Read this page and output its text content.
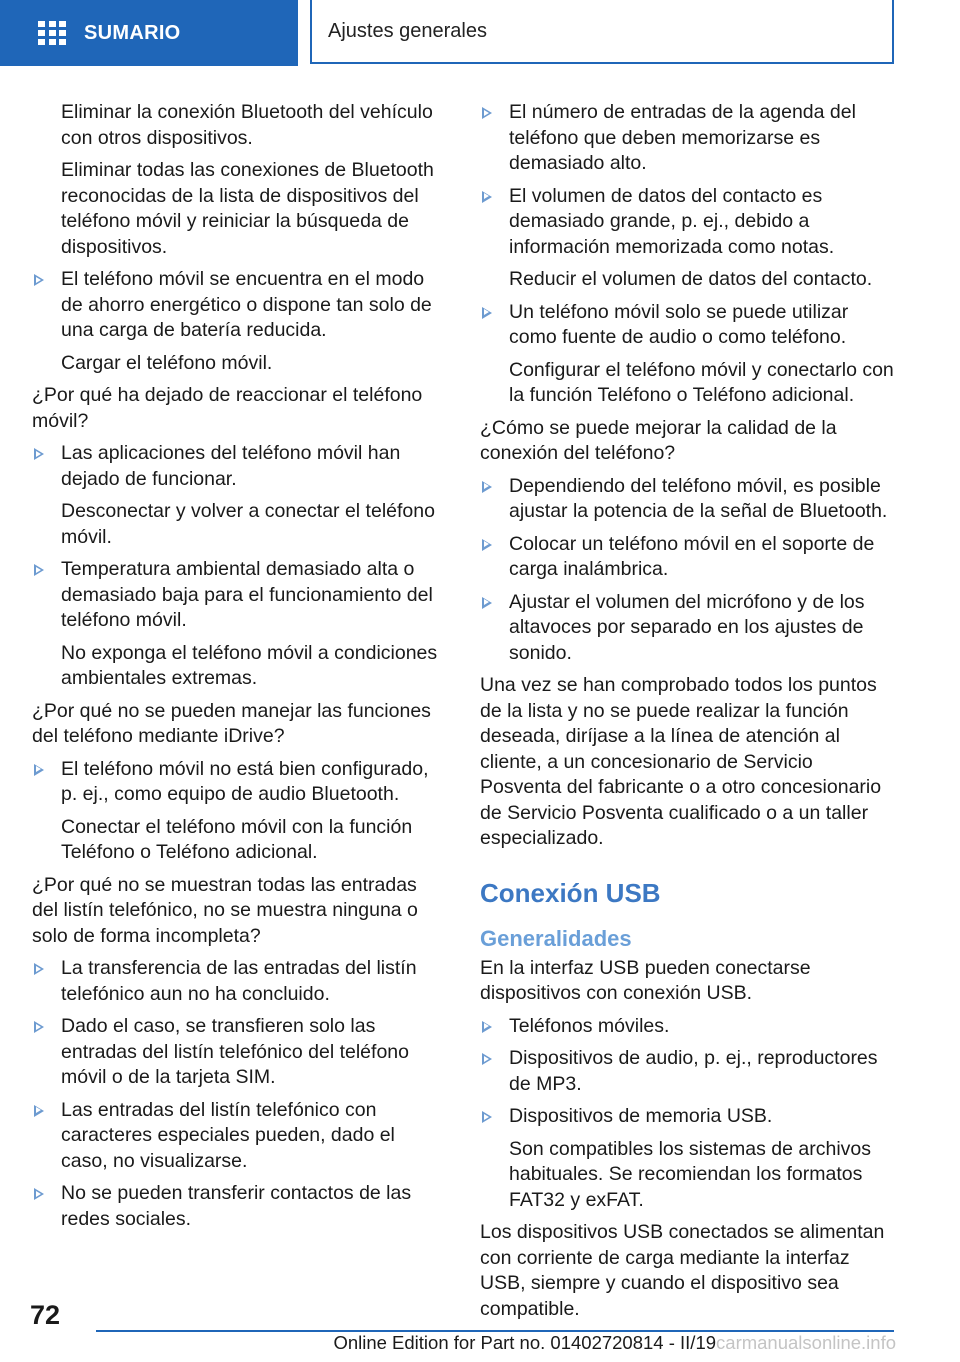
SUMARIO	Ajustes generales
Eliminar la conexión Bluetooth del vehículo con otros dispositivos.
Eliminar todas las conexiones de Bluetooth reconocidas de la lista de dispositivos del teléfono móvil y reiniciar la búsqueda de dispositivos.
El teléfono móvil se encuentra en el modo de ahorro energético o dispone tan solo de una carga de batería reducida.
Cargar el teléfono móvil.
¿Por qué ha dejado de reaccionar el teléfono móvil?
Las aplicaciones del teléfono móvil han dejado de funcionar.
Desconectar y volver a conectar el teléfono móvil.
Temperatura ambiental demasiado alta o demasiado baja para el funcionamiento del teléfono móvil.
No exponga el teléfono móvil a condiciones ambientales extremas.
¿Por qué no se pueden manejar las funciones del teléfono mediante iDrive?
El teléfono móvil no está bien configurado, p. ej., como equipo de audio Bluetooth.
Conectar el teléfono móvil con la función Teléfono o Teléfono adicional.
¿Por qué no se muestran todas las entradas del listín telefónico, no se muestra ninguna o solo de forma incompleta?
La transferencia de las entradas del listín telefónico aun no ha concluido.
Dado el caso, se transfieren solo las entradas del listín telefónico del teléfono móvil o de la tarjeta SIM.
Las entradas del listín telefónico con caracteres especiales pueden, dado el caso, no visualizarse.
No se pueden transferir contactos de las redes sociales.
El número de entradas de la agenda del teléfono que deben memorizarse es demasiado alto.
El volumen de datos del contacto es demasiado grande, p. ej., debido a información memorizada como notas.
Reducir el volumen de datos del contacto.
Un teléfono móvil solo se puede utilizar como fuente de audio o como teléfono.
Configurar el teléfono móvil y conectarlo con la función Teléfono o Teléfono adicional.
¿Cómo se puede mejorar la calidad de la conexión del teléfono?
Dependiendo del teléfono móvil, es posible ajustar la potencia de la señal de Bluetooth.
Colocar un teléfono móvil en el soporte de carga inalámbrica.
Ajustar el volumen del micrófono y de los altavoces por separado en los ajustes de sonido.
Una vez se han comprobado todos los puntos de la lista y no se puede realizar la función deseada, diríjase a la línea de atención al cliente, a un concesionario de Servicio Posventa del fabricante o a otro concesionario de Servicio Posventa cualificado o a un taller especializado.
Conexión USB
Generalidades
En la interfaz USB pueden conectarse dispositivos con conexión USB.
Teléfonos móviles.
Dispositivos de audio, p. ej., reproductores de MP3.
Dispositivos de memoria USB.
Son compatibles los sistemas de archivos habituales. Se recomiendan los formatos FAT32 y exFAT.
Los dispositivos USB conectados se alimentan con corriente de carga mediante la interfaz USB, siempre y cuando el dispositivo sea compatible.
72
Online Edition for Part no. 01402720814 - II/19carmanualsonline.info
